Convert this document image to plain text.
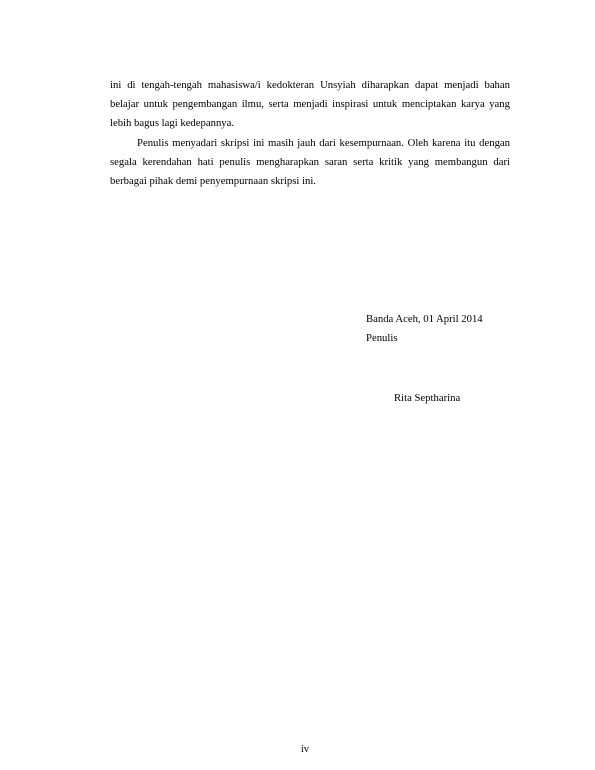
ini di tengah-tengah mahasiswa/i kedokteran Unsyiah diharapkan dapat menjadi bahan belajar untuk pengembangan ilmu, serta menjadi inspirasi untuk menciptakan karya yang lebih bagus lagi kedepannya.

Penulis menyadari skripsi ini masih jauh dari kesempurnaan. Oleh karena itu dengan segala kerendahan hati penulis mengharapkan saran serta kritik yang membangun dari berbagai pihak demi penyempurnaan skripsi ini.

Banda Aceh, 01 April 2014
Penulis
Rita Septharina
iv
